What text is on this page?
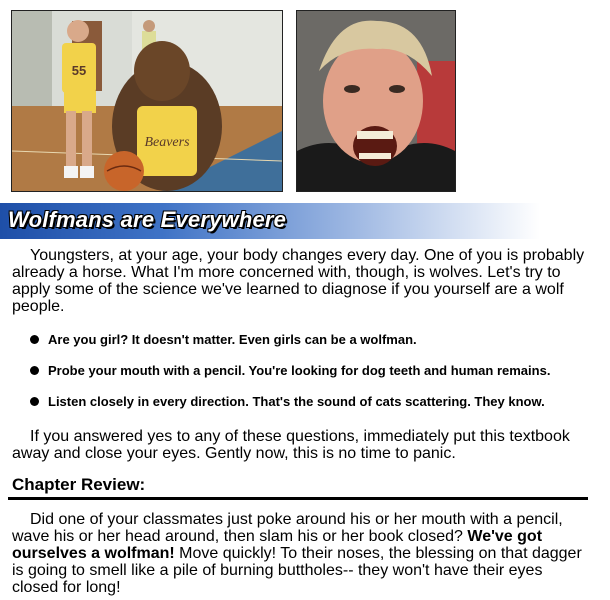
55
Beavers
Wolfmans are Everywhere

Youngsters, at your age, your body changes every day. One of you is probably already a horse. What I'm more concerned with, though, is wolves. Let's try to apply some of the science we've learned to diagnose if you yourself are a wolf people.

Are you girl? It doesn't matter. Even girls can be a wolfman.
Probe your mouth with a pencil. You're looking for dog teeth and human remains.
Listen closely in every direction. That's the sound of cats scattering. They know.

If you answered yes to any of these questions, immediately put this textbook away and close your eyes. Gently now, this is no time to panic.

Chapter Review:

Did one of your classmates just poke around his or her mouth with a pencil, wave his or her head around, then slam his or her book closed? We've got ourselves a wolfman! Move quickly! To their noses, the blessing on that dagger is going to smell like a pile of burning buttholes-- they won't have their eyes closed for long!
